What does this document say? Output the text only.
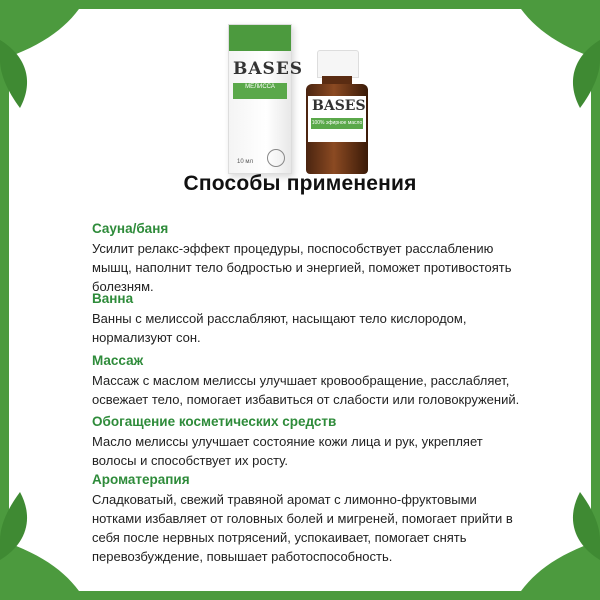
BASES
МЕЛИССА
10 мл
BASES
100% эфирное масло
Способы применения
Сауна/баня

Усилит релакс-эффект процедуры, поспособствует расслаблению
мышц, наполнит тело бодростью и энергией, поможет противостоять
болезням.

Ванна

Ванны с мелиссой расслабляют, насыщают тело кислородом,
нормализуют сон.

Массаж

Массаж с маслом мелиссы улучшает кровообращение, расслабляет,
освежает тело, помогает избавиться от слабости или головокружений.

Обогащение косметических средств

Масло мелиссы улучшает состояние кожи лица и рук, укрепляет
волосы и способствует их росту.

Ароматерапия

Сладковатый, свежий травяной аромат с лимонно-фруктовыми
нотками избавляет от головных болей и мигреней, помогает прийти в
себя после нервных потрясений, успокаивает, помогает снять
перевозбуждение, повышает работоспособность.
